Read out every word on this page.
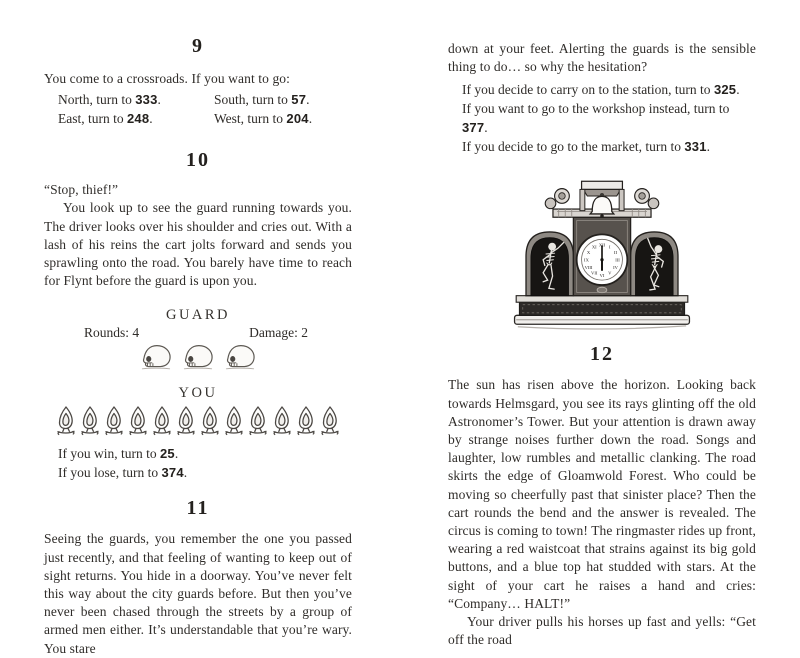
9

You come to a crossroads. If you want to go:

North, turn to 333.	South, turn to 57.
East, turn to 248.	West, turn to 204.
10

“Stop, thief!”

You look up to see the guard running towards you. The driver looks over his shoulder and cries out. With a lash of his reins the cart jolts forward and sends you sprawling onto the road. You barely have time to reach for Flynt before the guard is upon you.

GUARD

Rounds: 4	Damage: 2

YOU

If you win, turn to 25.
If you lose, turn to 374.
11

Seeing the guards, you remember the one you passed just recently, and that feeling of wanting to keep out of sight returns. You hide in a doorway. You’ve never felt this way about the city guards before. But then you’ve never been chased through the streets by a group of armed men either. It’s understandable that you’re wary. You stare

down at your feet. Alerting the guards is the sensible thing to do… so why the hesitation?

If you decide to carry on to the station, turn to 325.
If you want to go to the workshop instead, turn to 377.
If you decide to go to the market, turn to 331.
XII I
II
III
IV
V
VI
VII
VIII
IX
X
XI
12

The sun has risen above the horizon. Looking back towards Helmsgard, you see its rays glinting off the old Astronomer’s Tower. But your attention is drawn away by strange noises further down the road. Songs and laughter, low rumbles and metallic clanking. The road skirts the edge of Gloamwold Forest. Who could be moving so cheerfully past that sinister place? Then the cart rounds the bend and the answer is revealed. The circus is coming to town! The ringmaster rides up front, wearing a red waistcoat that strains against its big gold buttons, and a blue top hat studded with stars. At the sight of your cart he raises a hand and cries: “Company… HALT!”

Your driver pulls his horses up fast and yells: “Get off the road
